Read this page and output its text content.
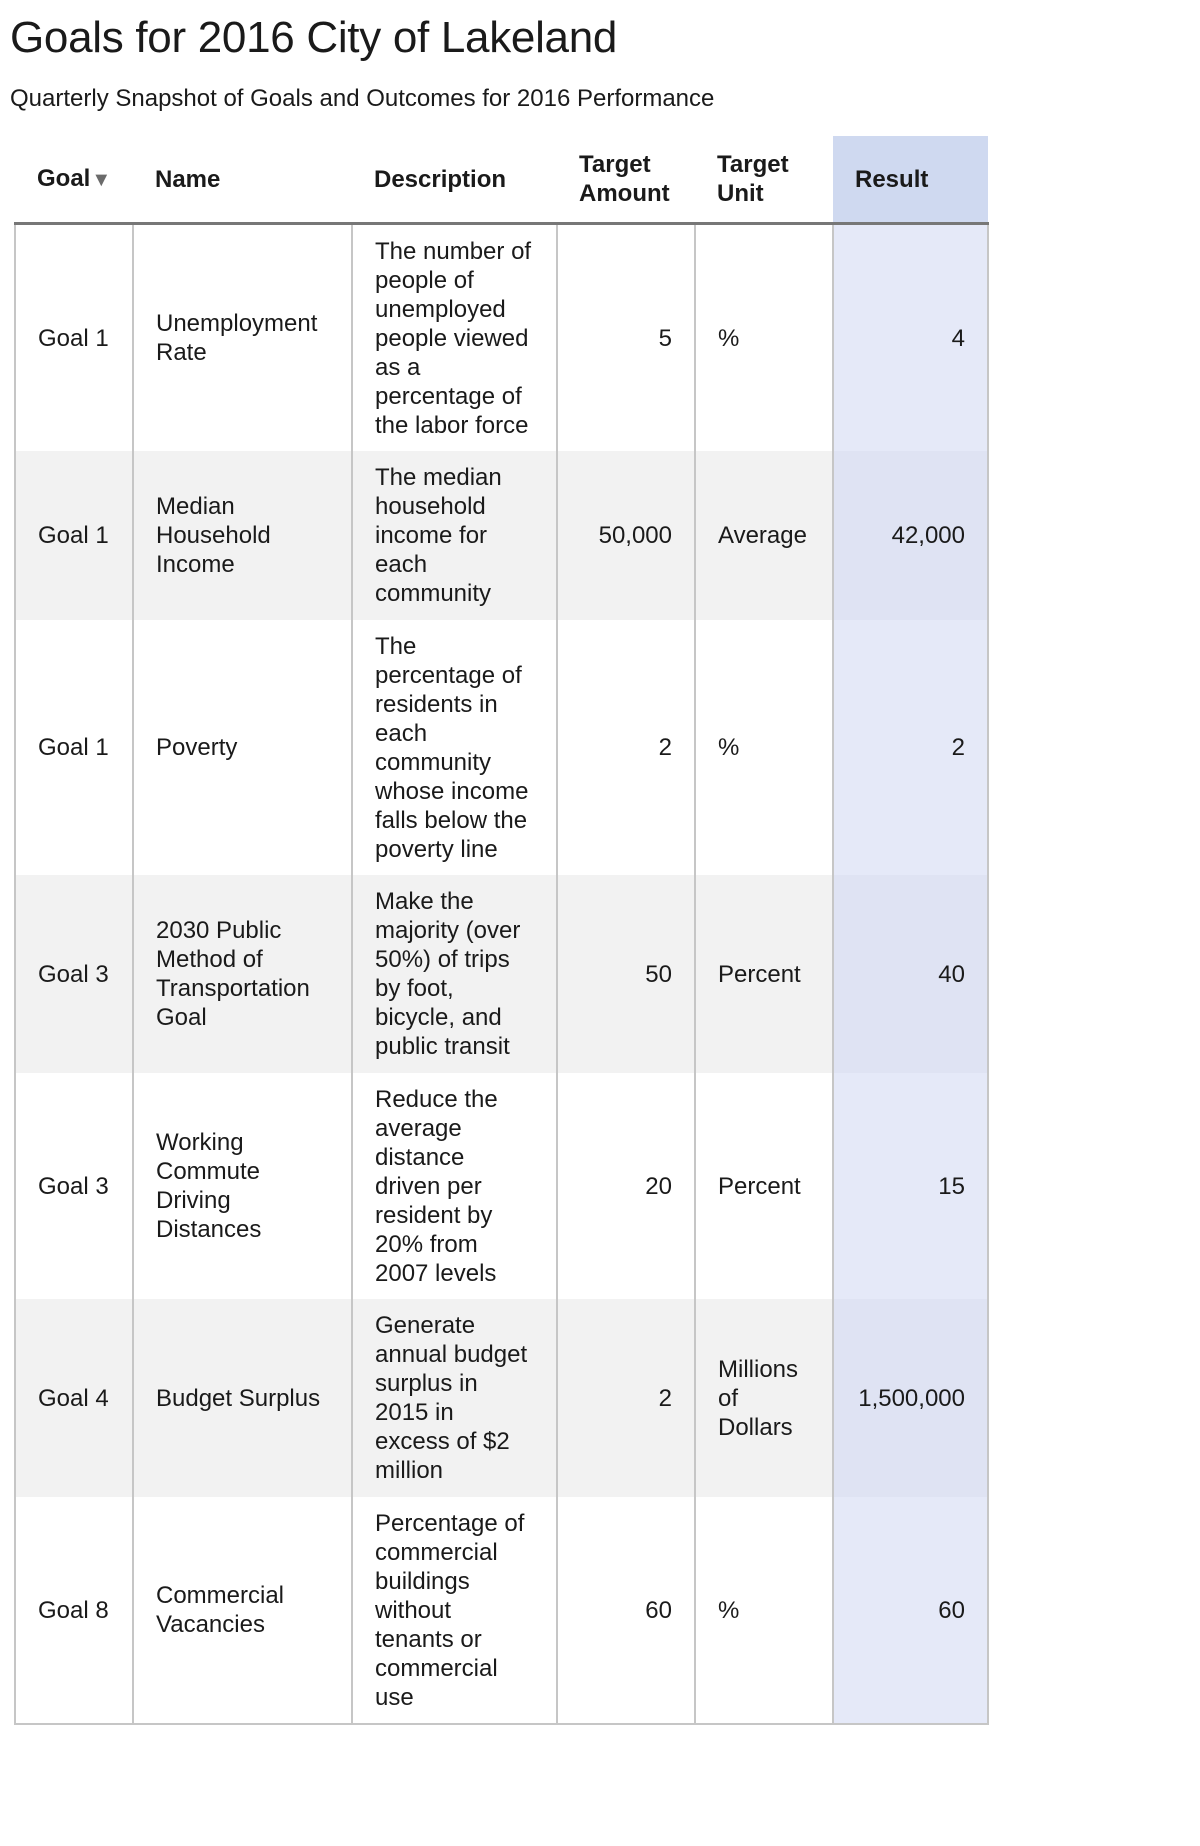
Goals for 2016 City of Lakeland

Quarterly Snapshot of Goals and Outcomes for 2016 Performance

Goal▼	Name	Description	Target Amount	Target Unit	Result
Goal 1	Unemployment Rate	The number of people of unemployed people viewed as a percentage of the labor force	5	%	4
Goal 1	Median Household Income	The median household income for each community	50,000	Average	42,000
Goal 1	Poverty	The percentage of residents in each community whose income falls below the poverty line	2	%	2
Goal 3	2030 Public Method of Transportation Goal	Make the majority (over 50%) of trips by foot, bicycle, and public transit	50	Percent	40
Goal 3	Working Commute Driving Distances	Reduce the average distance driven per resident by 20% from 2007 levels	20	Percent	15
Goal 4	Budget Surplus	Generate annual budget surplus in 2015 in excess of $2 million	2	Millions of Dollars	1,500,000
Goal 8	Commercial Vacancies	Percentage of commercial buildings without tenants or commercial use	60	%	60
